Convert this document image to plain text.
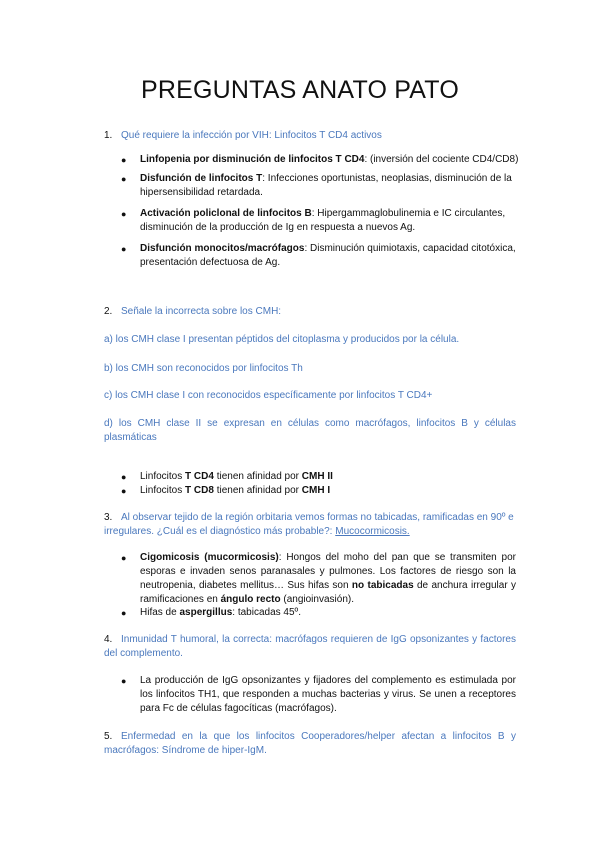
PREGUNTAS ANATO PATO
1. Qué requiere la infección por VIH: Linfocitos T CD4 activos
● Linfopenia por disminución de linfocitos T CD4: (inversión del cociente CD4/CD8)
● Disfunción de linfocitos T: Infecciones oportunistas, neoplasias, disminución de la hipersensibilidad retardada.
● Activación policlonal de linfocitos B: Hipergammaglobulinemia e IC circulantes, disminución de la producción de Ig en respuesta a nuevos Ag.
● Disfunción monocitos/macrófagos: Disminución quimiotaxis, capacidad citotóxica, presentación defectuosa de Ag.
2. Señale la incorrecta sobre los CMH:
a) los CMH clase I presentan péptidos del citoplasma y producidos por la célula.
b) los CMH son reconocidos por linfocitos Th
c) los CMH clase I con reconocidos específicamente por linfocitos T CD4+
d) los CMH clase II se expresan en células como macrófagos, linfocitos B y células plasmáticas
● Linfocitos T CD4 tienen afinidad por CMH II
● Linfocitos T CD8 tienen afinidad por CMH I
3. Al observar tejido de la región orbitaria vemos formas no tabicadas, ramificadas en 90º e irregulares. ¿Cuál es el diagnóstico más probable?: Mucocormicosis.
● Cigomicosis (mucormicosis): Hongos del moho del pan que se transmiten por esporas e invaden senos paranasales y pulmones. Los factores de riesgo son la neutropenia, diabetes mellitus… Sus hifas son no tabicadas de anchura irregular y ramificaciones en ángulo recto (angioinvasión).
● Hifas de aspergillus: tabicadas 45º.
4. Inmunidad T humoral, la correcta: macrófagos requieren de IgG opsonizantes y factores del complemento.
● La producción de IgG opsonizantes y fijadores del complemento es estimulada por los linfocitos TH1, que responden a muchas bacterias y virus. Se unen a receptores para Fc de células fagocíticas (macrófagos).
5. Enfermedad en la que los linfocitos Cooperadores/helper afectan a linfocitos B y macrófagos: Síndrome de hiper-IgM.
